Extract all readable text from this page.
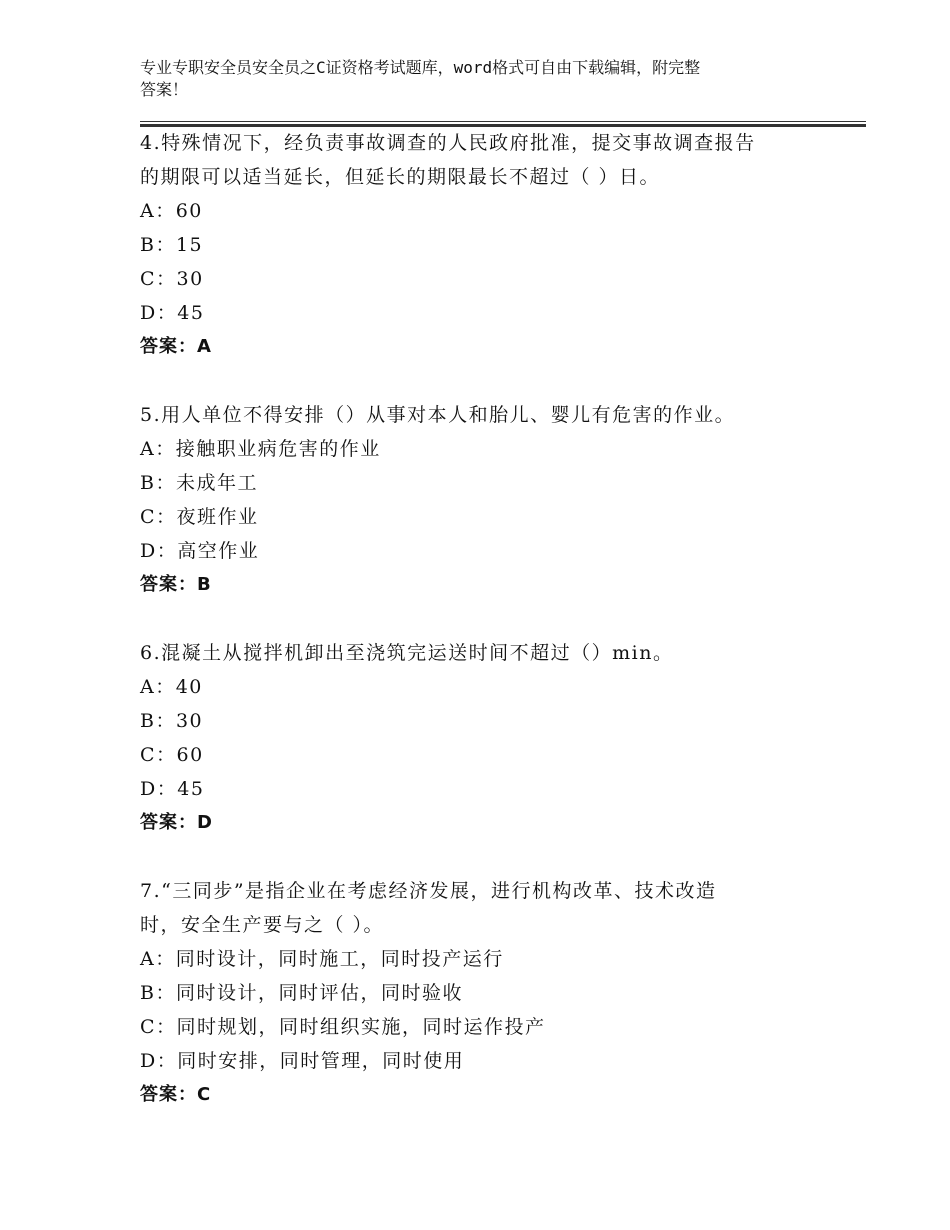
专业专职安全员安全员之C证资格考试题库，word格式可自由下载编辑，附完整
答案！
4.特殊情况下，经负责事故调查的人民政府批准，提交事故调查报告
的期限可以适当延长，但延长的期限最长不超过（ ）日。
A：60
B：15
C：30
D：45
答案：A
5.用人单位不得安排（）从事对本人和胎儿、婴儿有危害的作业。
A：接触职业病危害的作业
B：未成年工
C：夜班作业
D：高空作业
答案：B
6.混凝土从搅拌机卸出至浇筑完运送时间不超过（）min。
A：40
B：30
C：60
D：45
答案：D
7.“三同步”是指企业在考虑经济发展，进行机构改革、技术改造
时，安全生产要与之（ ）。
A：同时设计，同时施工，同时投产运行
B：同时设计，同时评估，同时验收
C：同时规划，同时组织实施，同时运作投产
D：同时安排，同时管理，同时使用
答案：C
